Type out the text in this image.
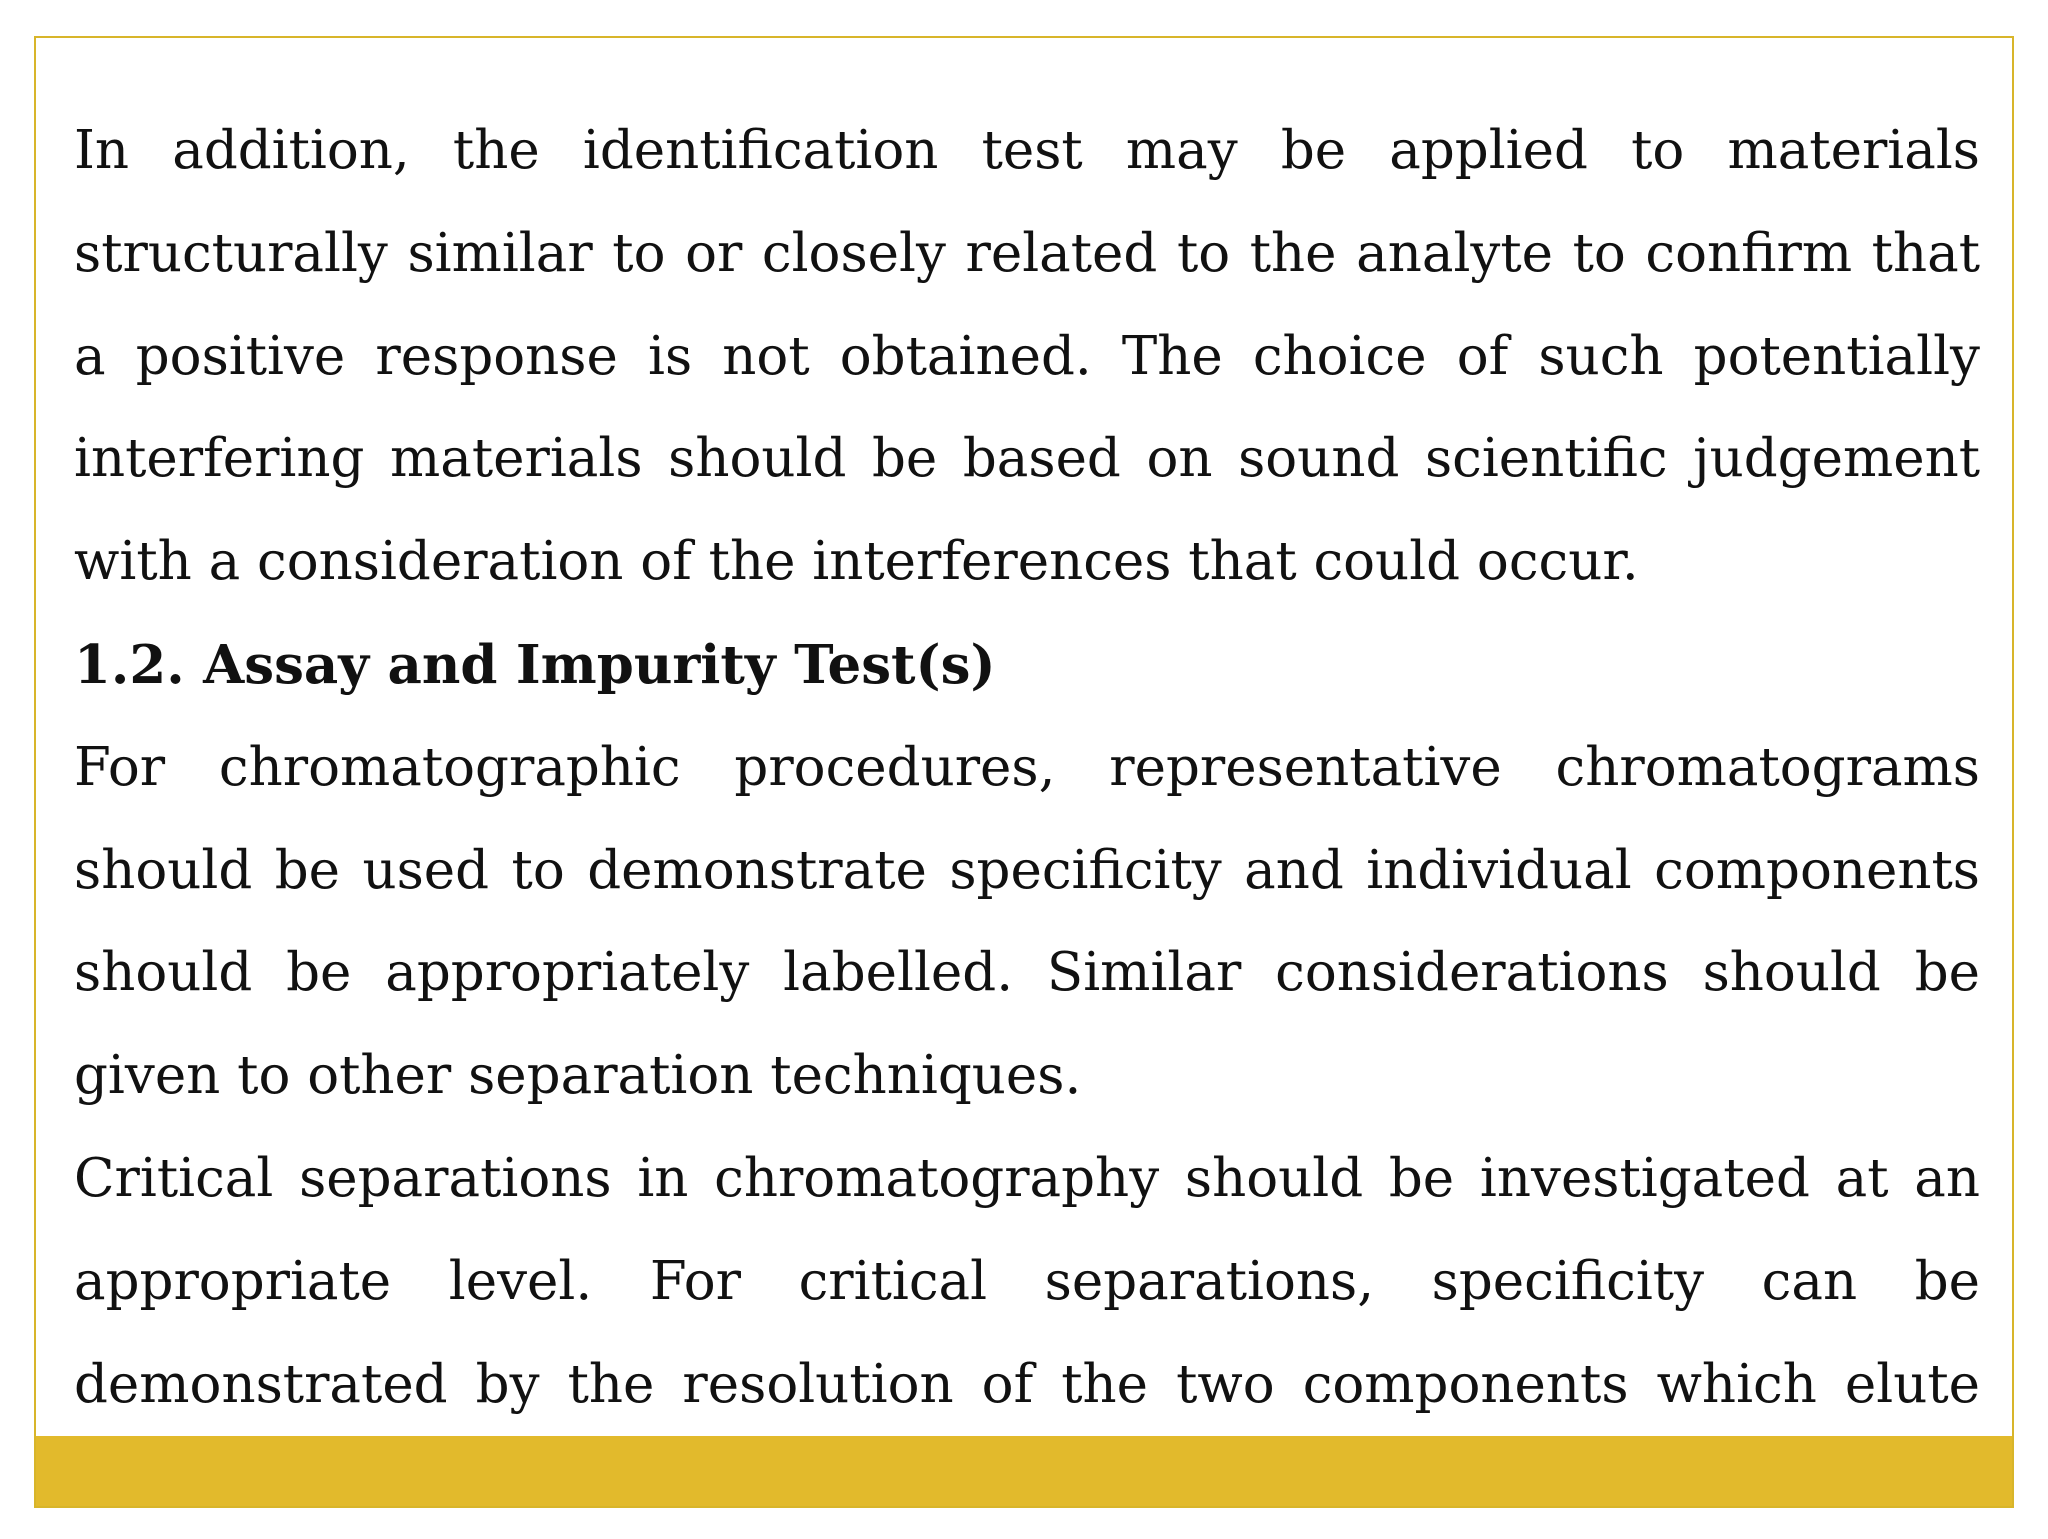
In addition, the identification test may be applied to materials structurally similar to or closely related to the analyte to confirm that a positive response is not obtained. The choice of such potentially interfering materials should be based on sound scientific judgement with a consideration of the interferences that could occur.

1.2. Assay and Impurity Test(s)

For chromatographic procedures, representative chromatograms should be used to demonstrate specificity and individual components should be appropriately labelled. Similar considerations should be given to other separation techniques.

Critical separations in chromatography should be investigated at an appropriate level. For critical separations, specificity can be demonstrated by the resolution of the two components which elute
